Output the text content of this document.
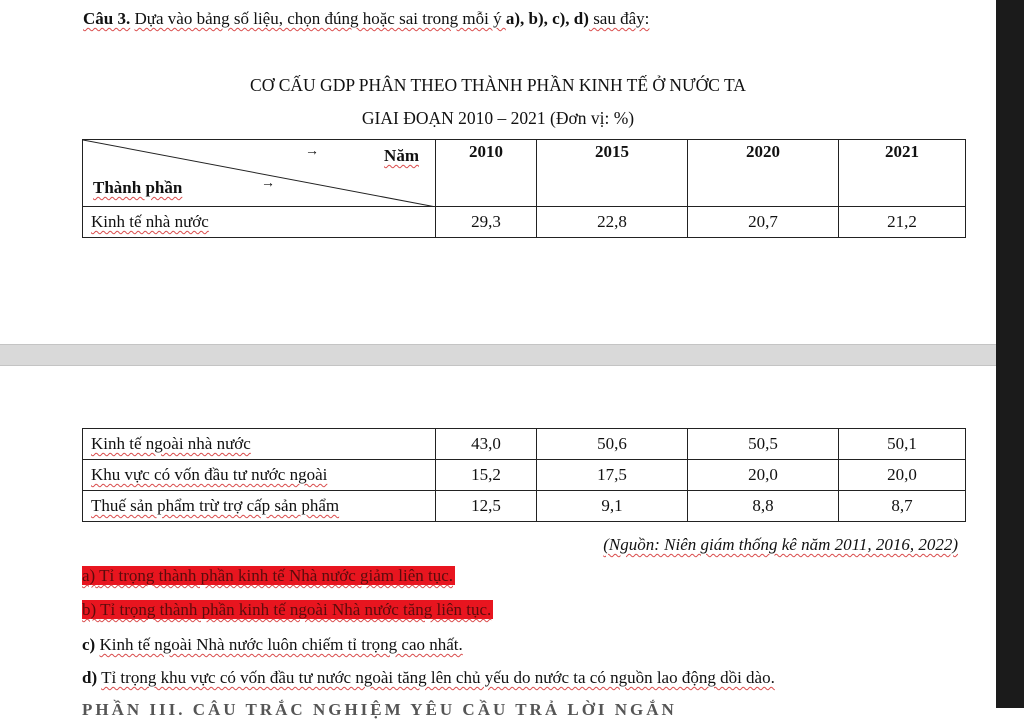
Câu 3. Dựa vào bảng số liệu, chọn đúng hoặc sai trong mỗi ý a), b), c), d) sau đây:
CƠ CẤU GDP PHÂN THEO THÀNH PHẦN KINH TẾ Ở NƯỚC TA
GIAI ĐOẠN 2010 – 2021 (Đơn vị: %)
→ Năm
Thành phần →	2010	2015	2020	2021
Kinh tế nhà nước	29,3	22,8	20,7	21,2
Kinh tế ngoài nhà nước	43,0	50,6	50,5	50,1
Khu vực có vốn đầu tư nước ngoài	15,2	17,5	20,0	20,0
Thuế sản phẩm trừ trợ cấp sản phẩm	12,5	9,1	8,8	8,7
(Nguồn: Niên giám thống kê năm 2011, 2016, 2022)
a) Tỉ trọng thành phần kinh tế Nhà nước giảm liên tục.
b) Tỉ trọng thành phần kinh tế ngoài Nhà nước tăng liên tục.
c) Kinh tế ngoài Nhà nước luôn chiếm tỉ trọng cao nhất.
d) Tỉ trọng khu vực có vốn đầu tư nước ngoài tăng lên chủ yếu do nước ta có nguồn lao động dồi dào.
PHẦN III. CÂU TRẮC NGHIỆM YÊU CẦU TRẢ LỜI NGẮN
